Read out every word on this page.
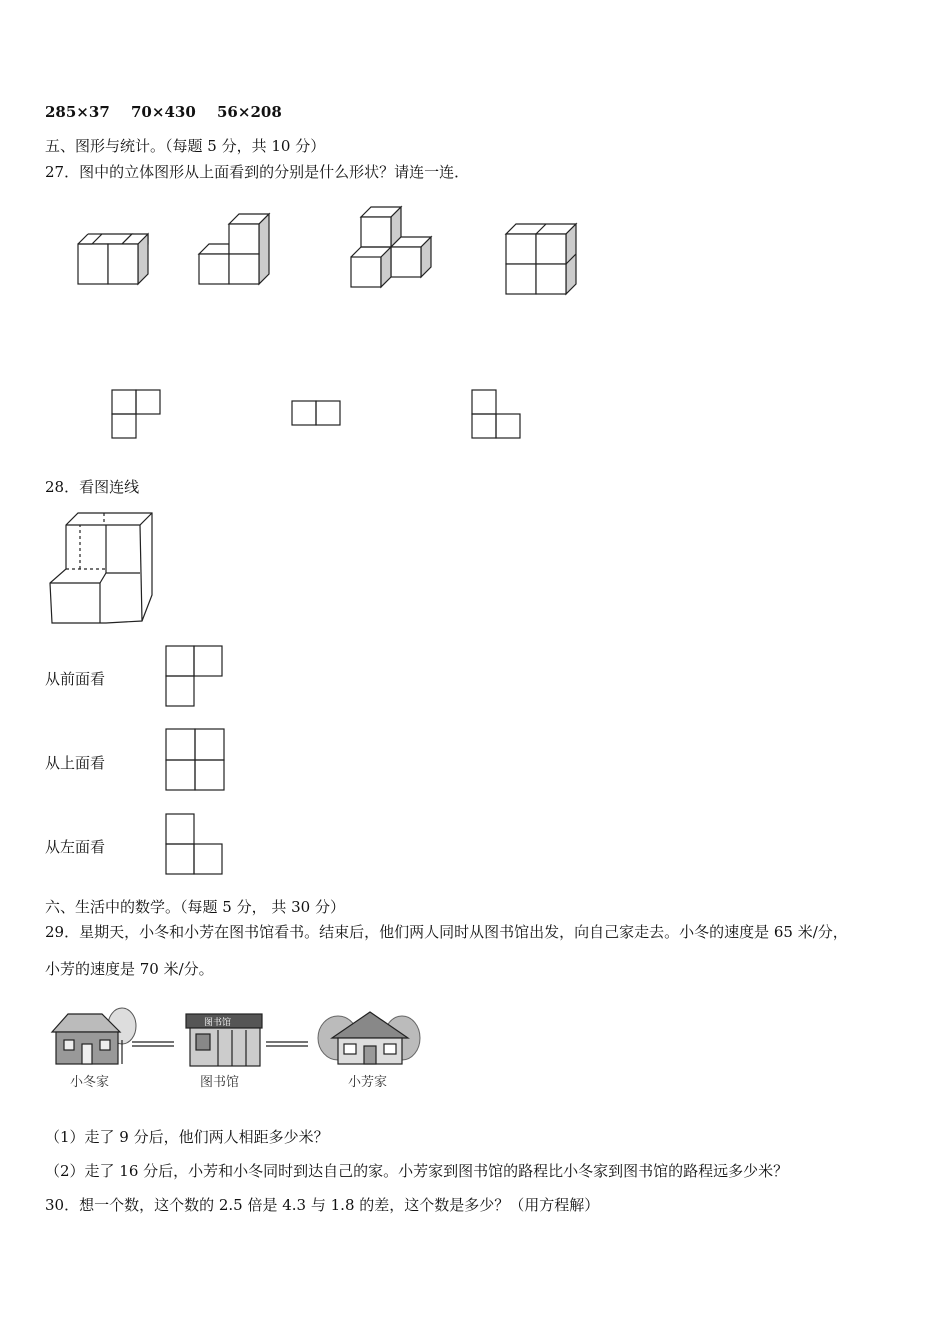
285×37 70×430 56×208
五、图形与统计。（每题 5 分，共 10 分）
27．图中的立体图形从上面看到的分别是什么形状？请连一连．
28．看图连线
从前面看
从上面看
从左面看
六、生活中的数学。（每题 5 分， 共 30 分）
29．星期天，小冬和小芳在图书馆看书。结束后，他们两人同时从图书馆出发，向自己家走去。小冬的速度是 65 米/分，
小芳的速度是 70 米/分。
图书馆
小冬家	图书馆	小芳家
（1）走了 9 分后，他们两人相距多少米？
（2）走了 16 分后，小芳和小冬同时到达自己的家。小芳家到图书馆的路程比小冬家到图书馆的路程远多少米？
30．想一个数，这个数的 2.5 倍是 4.3 与 1.8 的差，这个数是多少？（用方程解）
